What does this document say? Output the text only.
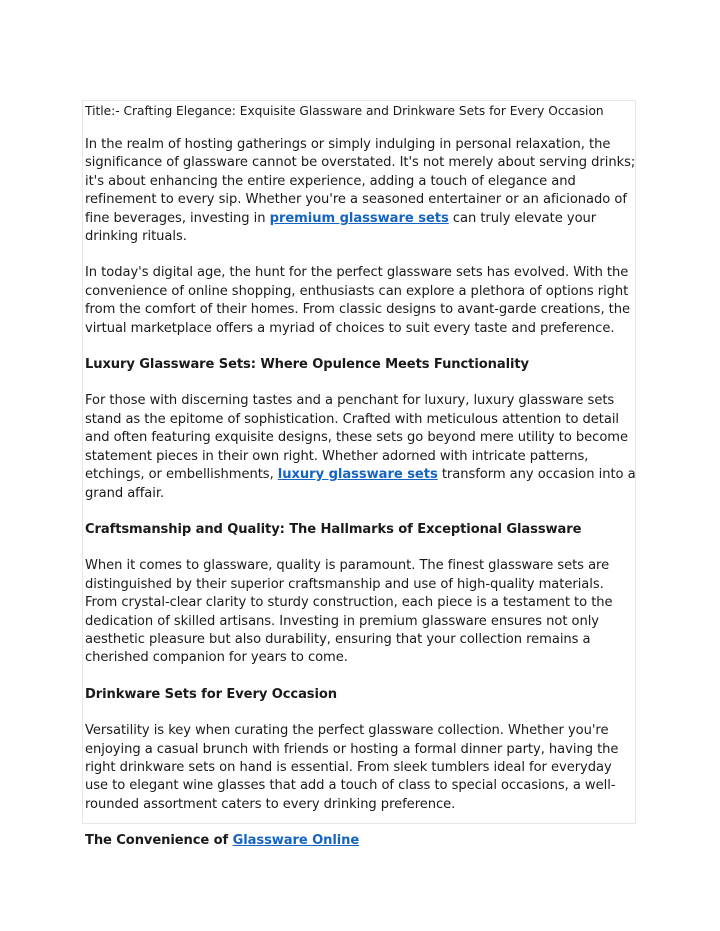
Title:- Crafting Elegance: Exquisite Glassware and Drinkware Sets for Every Occasion

In the realm of hosting gatherings or simply indulging in personal relaxation, the significance of glassware cannot be overstated. It's not merely about serving drinks; it's about enhancing the entire experience, adding a touch of elegance and refinement to every sip. Whether you're a seasoned entertainer or an aficionado of fine beverages, investing in premium glassware sets can truly elevate your drinking rituals.

In today's digital age, the hunt for the perfect glassware sets has evolved. With the convenience of online shopping, enthusiasts can explore a plethora of options right from the comfort of their homes. From classic designs to avant-garde creations, the virtual marketplace offers a myriad of choices to suit every taste and preference.

Luxury Glassware Sets: Where Opulence Meets Functionality

For those with discerning tastes and a penchant for luxury, luxury glassware sets stand as the epitome of sophistication. Crafted with meticulous attention to detail and often featuring exquisite designs, these sets go beyond mere utility to become statement pieces in their own right. Whether adorned with intricate patterns, etchings, or embellishments, luxury glassware sets transform any occasion into a grand affair.

Craftsmanship and Quality: The Hallmarks of Exceptional Glassware

When it comes to glassware, quality is paramount. The finest glassware sets are distinguished by their superior craftsmanship and use of high-quality materials. From crystal-clear clarity to sturdy construction, each piece is a testament to the dedication of skilled artisans. Investing in premium glassware ensures not only aesthetic pleasure but also durability, ensuring that your collection remains a cherished companion for years to come.

Drinkware Sets for Every Occasion

Versatility is key when curating the perfect glassware collection. Whether you're enjoying a casual brunch with friends or hosting a formal dinner party, having the right drinkware sets on hand is essential. From sleek tumblers ideal for everyday use to elegant wine glasses that add a touch of class to special occasions, a well-rounded assortment caters to every drinking preference.

The Convenience of Glassware Online
